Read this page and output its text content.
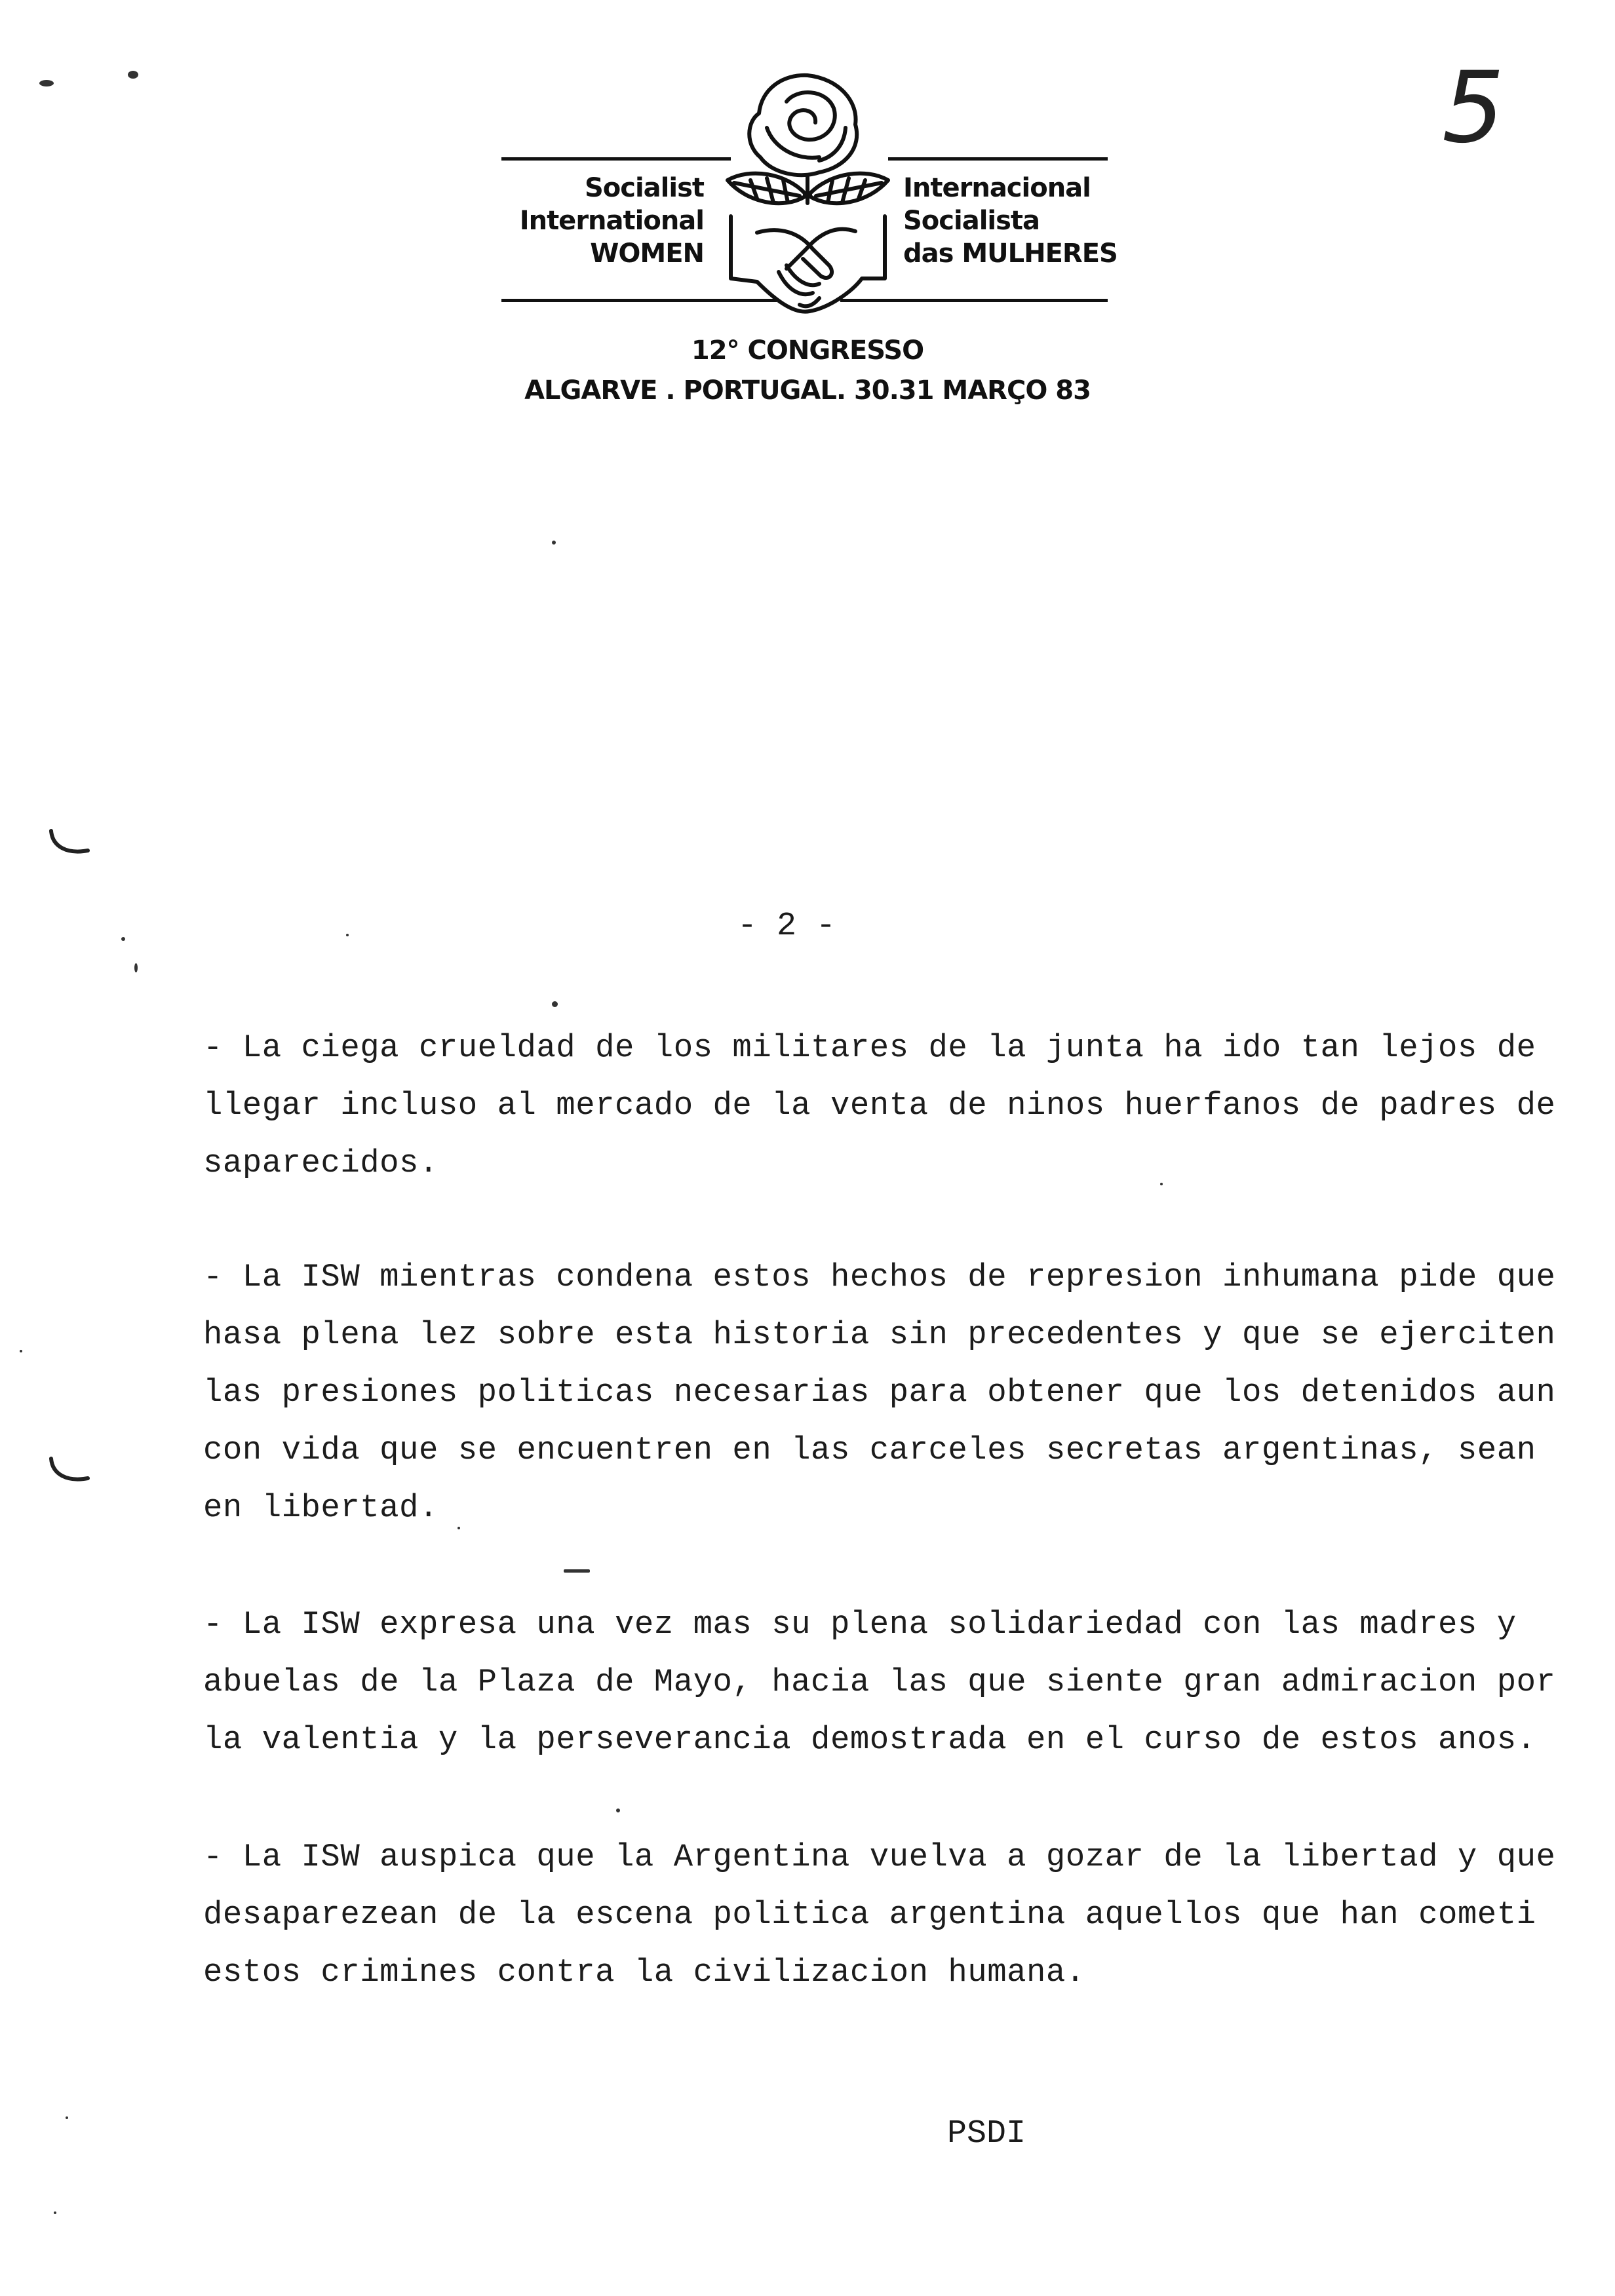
Socialist
International
WOMEN
Internacional
Socialista
das MULHERES
12° CONGRESSO
ALGARVE . PORTUGAL. 30.31 MARÇO 83
5
- 2 -
- La ciega crueldad de los militares de la junta ha ido tan lejos de
llegar incluso al mercado de la venta de ninos huerfanos de padres de
saparecidos.
- La ISW mientras condena estos hechos de represion inhumana pide que
hasa plena lez sobre esta historia sin precedentes y que se ejerciten
las presiones politicas necesarias para obtener que los detenidos aun
con vida que se encuentren en las carceles secretas argentinas, sean
en libertad.
- La ISW expresa una vez mas su plena solidariedad con las madres y
abuelas de la Plaza de Mayo, hacia las que siente gran admiracion por
la valentia y la perseverancia demostrada en el curso de estos anos.
- La ISW auspica que la Argentina vuelva a gozar de la libertad y que
desaparezean de la escena politica argentina aquellos que han cometi
estos crimines contra la civilizacion humana.
PSDI
